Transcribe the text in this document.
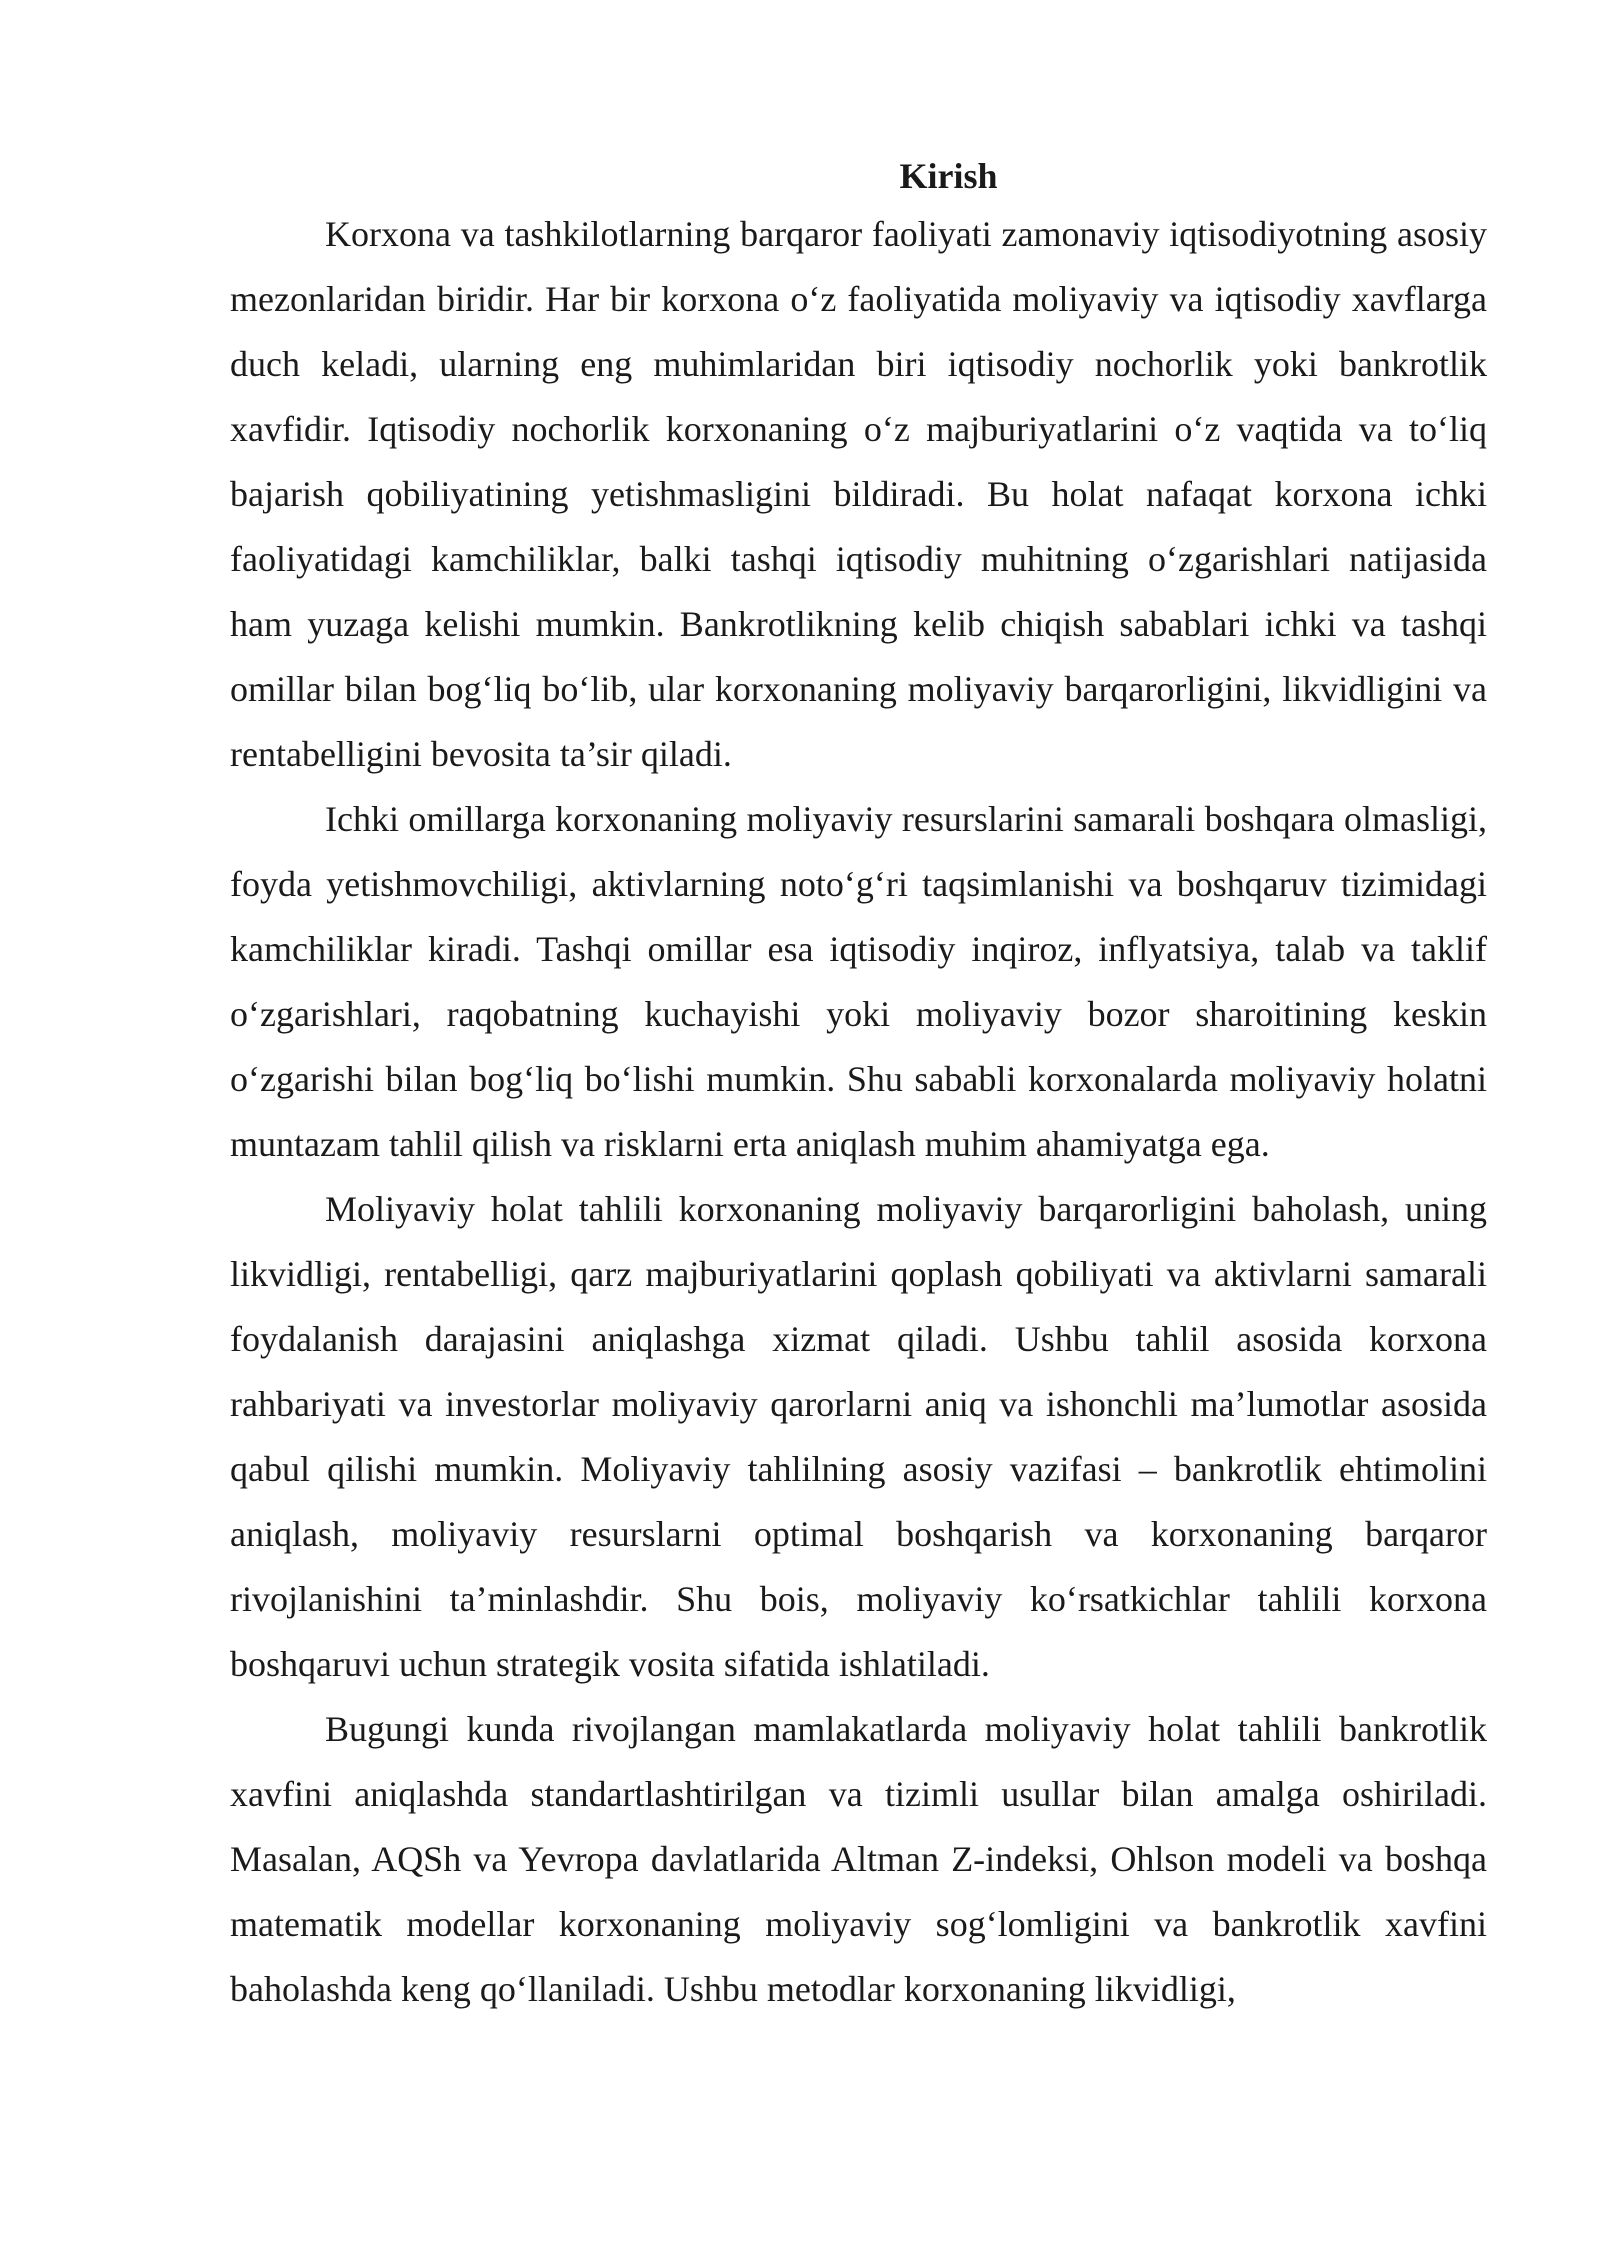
Kirish

Korxona va tashkilotlarning barqaror faoliyati zamonaviy iqtisodiyotning asosiy mezonlaridan biridir. Har bir korxona o‘z faoliyatida moliyaviy va iqtisodiy xavflarga duch keladi, ularning eng muhimlaridan biri iqtisodiy nochorlik yoki bankrotlik xavfidir. Iqtisodiy nochorlik korxonaning o‘z majburiyatlarini o‘z vaqtida va to‘liq bajarish qobiliyatining yetishmasligini bildiradi. Bu holat nafaqat korxona ichki faoliyatidagi kamchiliklar, balki tashqi iqtisodiy muhitning o‘zgarishlari natijasida ham yuzaga kelishi mumkin. Bankrotlikning kelib chiqish sabablari ichki va tashqi omillar bilan bog‘liq bo‘lib, ular korxonaning moliyaviy barqarorligini, likvidligini va rentabelligini bevosita ta’sir qiladi.

Ichki omillarga korxonaning moliyaviy resurslarini samarali boshqara olmasligi, foyda yetishmovchiligi, aktivlarning noto‘g‘ri taqsimlanishi va boshqaruv tizimidagi kamchiliklar kiradi. Tashqi omillar esa iqtisodiy inqiroz, inflyatsiya, talab va taklif o‘zgarishlari, raqobatning kuchayishi yoki moliyaviy bozor sharoitining keskin o‘zgarishi bilan bog‘liq bo‘lishi mumkin. Shu sababli korxonalarda moliyaviy holatni muntazam tahlil qilish va risklarni erta aniqlash muhim ahamiyatga ega.

Moliyaviy holat tahlili korxonaning moliyaviy barqarorligini baholash, uning likvidligi, rentabelligi, qarz majburiyatlarini qoplash qobiliyati va aktivlarni samarali foydalanish darajasini aniqlashga xizmat qiladi. Ushbu tahlil asosida korxona rahbariyati va investorlar moliyaviy qarorlarni aniq va ishonchli ma’lumotlar asosida qabul qilishi mumkin. Moliyaviy tahlilning asosiy vazifasi – bankrotlik ehtimolini aniqlash, moliyaviy resurslarni optimal boshqarish va korxonaning barqaror rivojlanishini ta’minlashdir. Shu bois, moliyaviy ko‘rsatkichlar tahlili korxona boshqaruvi uchun strategik vosita sifatida ishlatiladi.

Bugungi kunda rivojlangan mamlakatlarda moliyaviy holat tahlili bankrotlik xavfini aniqlashda standartlashtirilgan va tizimli usullar bilan amalga oshiriladi. Masalan, AQSh va Yevropa davlatlarida Altman Z-indeksi, Ohlson modeli va boshqa matematik modellar korxonaning moliyaviy sog‘lomligini va bankrotlik xavfini baholashda keng qo‘llaniladi. Ushbu metodlar korxonaning likvidligi,
